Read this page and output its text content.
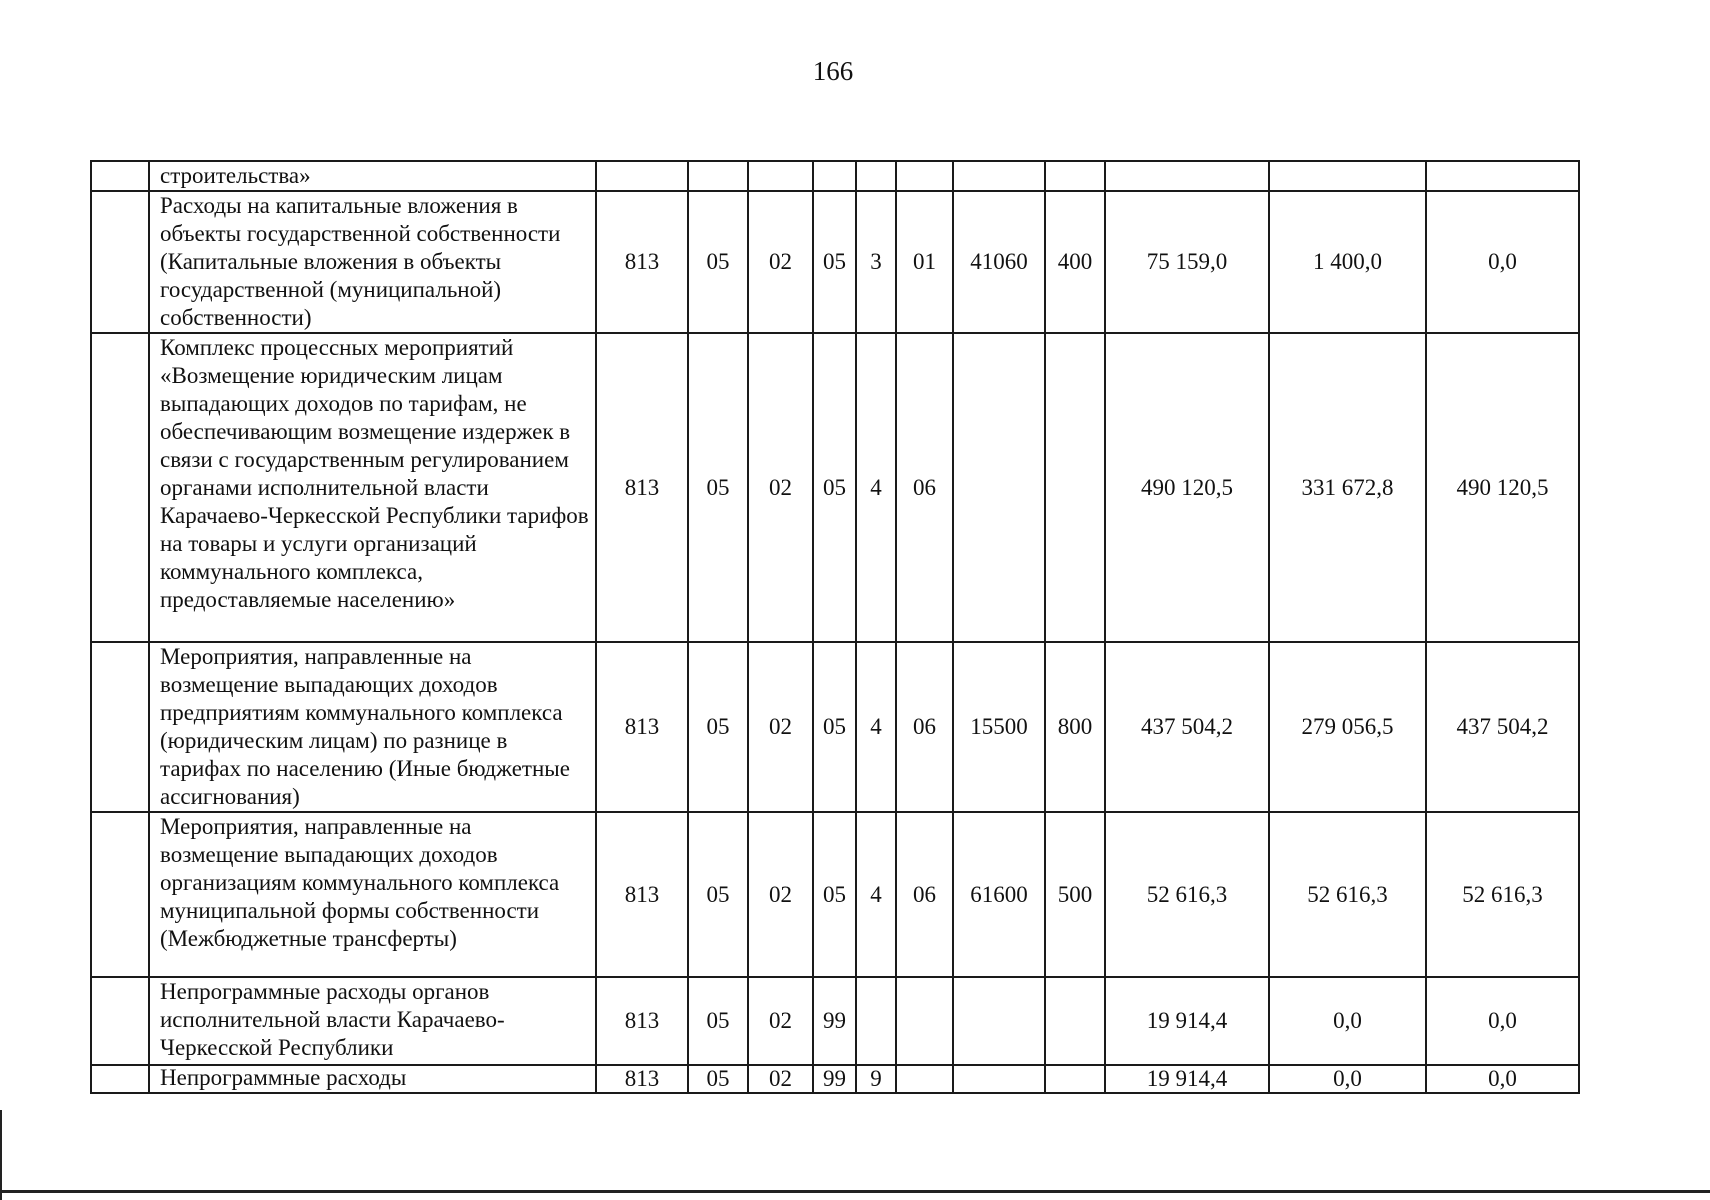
166
	строительства»											
	Расходы на капитальные вложения в объекты государственной собственности (Капитальные вложения в объекты государственной (муниципальной) собственности)	813	05	02	05	3	01	41060	400	75 159,0	1 400,0	0,0
	Комплекс процессных мероприятий «Возмещение юридическим лицам выпадающих доходов по тарифам, не обеспечивающим возмещение издержек в связи с государственным регулированием органами исполнительной власти Карачаево-Черкесской Республики тарифов на товары и услуги организаций коммунального комплекса, предоставляемые населению»	813	05	02	05	4	06			490 120,5	331 672,8	490 120,5
	Мероприятия, направленные на возмещение выпадающих доходов предприятиям коммунального комплекса (юридическим лицам) по разнице в тарифах по населению (Иные бюджетные ассигнования)	813	05	02	05	4	06	15500	800	437 504,2	279 056,5	437 504,2
	Мероприятия, направленные на возмещение выпадающих доходов организациям коммунального комплекса муниципальной формы собственности (Межбюджетные трансферты)	813	05	02	05	4	06	61600	500	52 616,3	52 616,3	52 616,3
	Непрограммные расходы органов исполнительной власти Карачаево-Черкесской Республики	813	05	02	99					19 914,4	0,0	0,0
	Непрограммные расходы	813	05	02	99	9				19 914,4	0,0	0,0
